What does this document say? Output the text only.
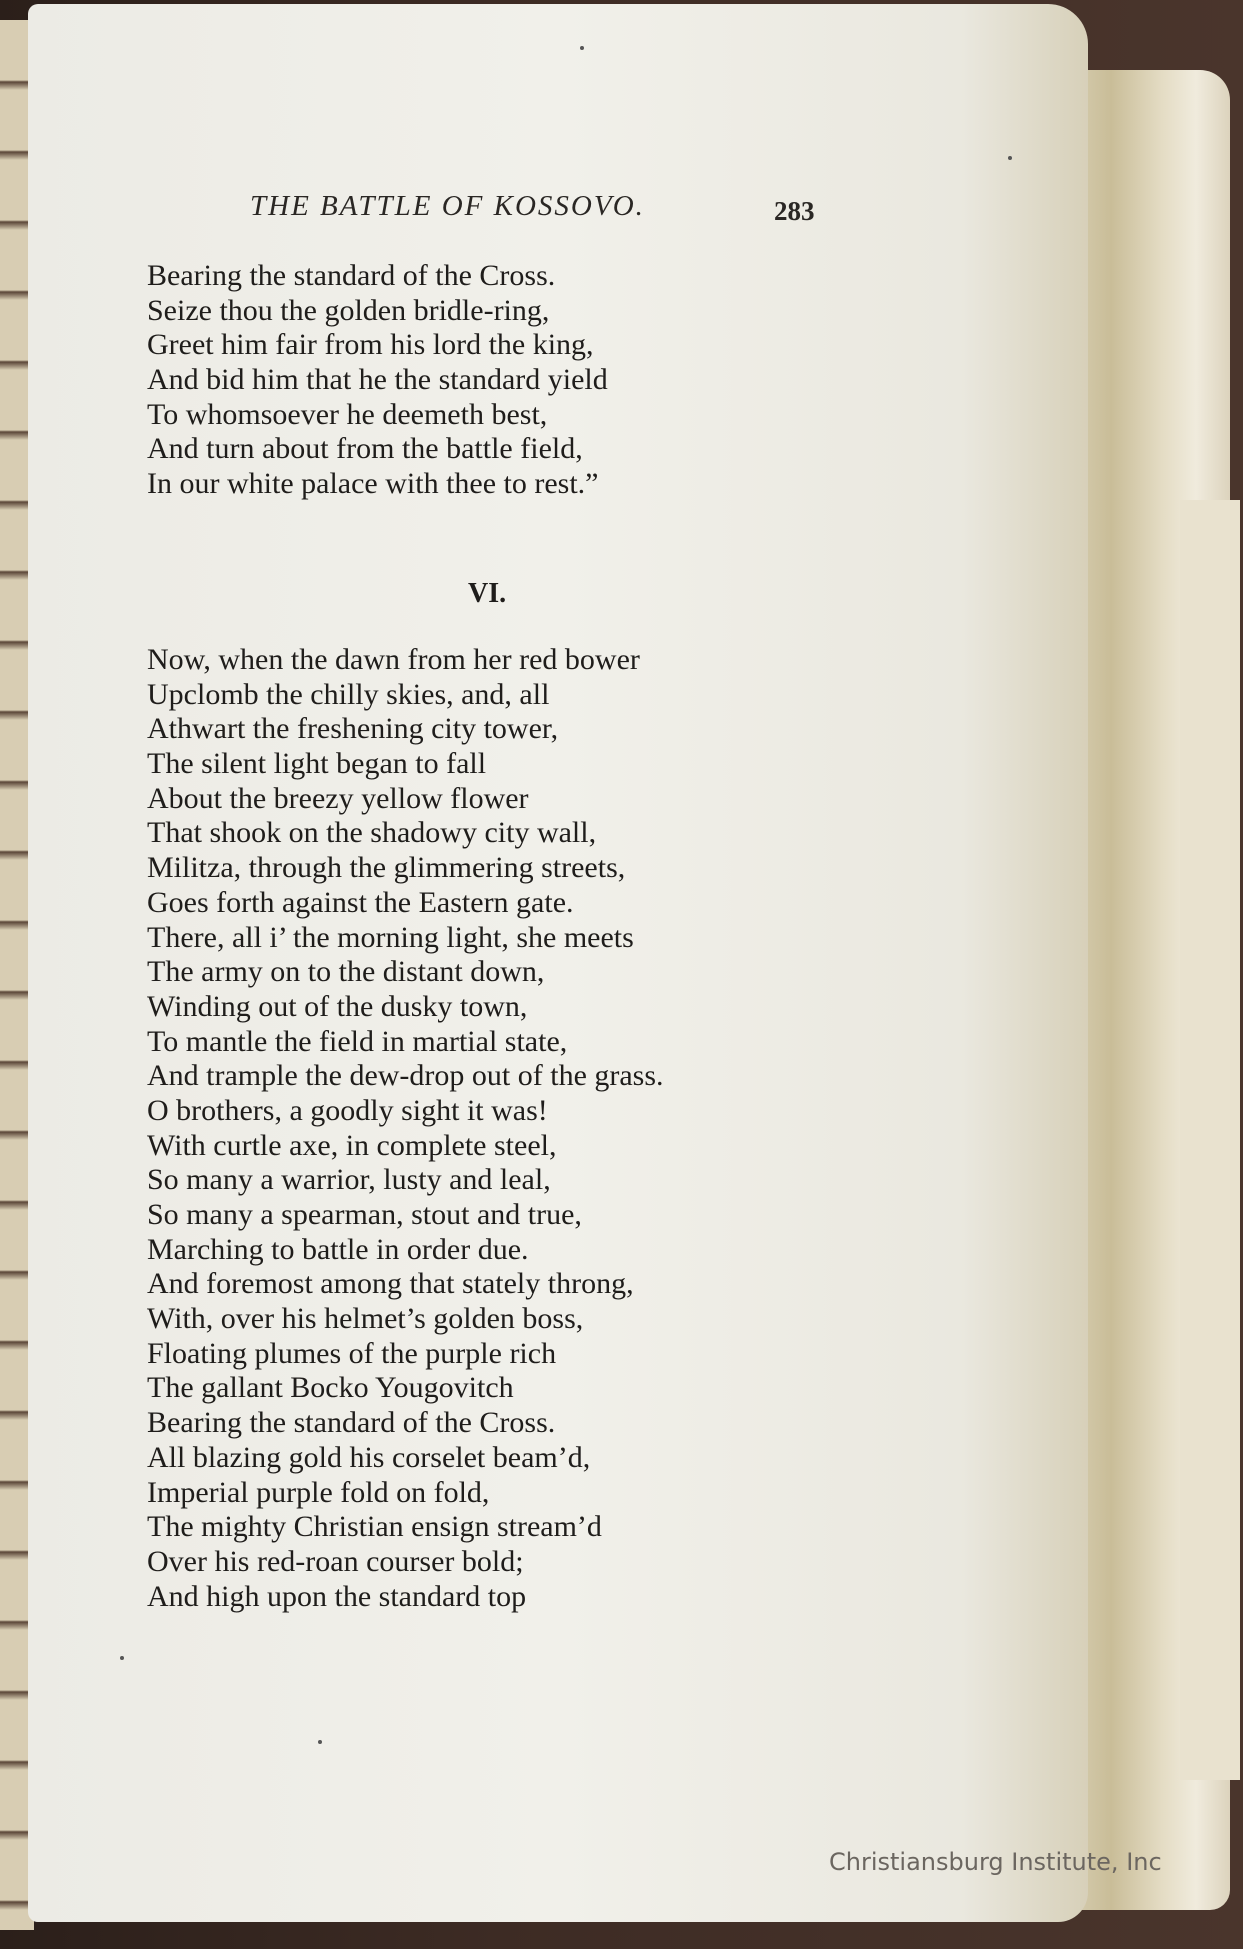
THE BATTLE OF KOSSOVO.	283
Bearing the standard of the Cross.
Seize thou the golden bridle-ring,
Greet him fair from his lord the king,
And bid him that he the standard yield
To whomsoever he deemeth best,
And turn about from the battle field,
In our white palace with thee to rest.”
VI.
Now, when the dawn from her red bower
Upclomb the chilly skies, and, all
Athwart the freshening city tower,
The silent light began to fall
About the breezy yellow flower
That shook on the shadowy city wall,
Militza, through the glimmering streets,
Goes forth against the Eastern gate.
There, all i’ the morning light, she meets
The army on to the distant down,
Winding out of the dusky town,
To mantle the field in martial state,
And trample the dew-drop out of the grass.
O brothers, a goodly sight it was!
With curtle axe, in complete steel,
So many a warrior, lusty and leal,
So many a spearman, stout and true,
Marching to battle in order due.
And foremost among that stately throng,
With, over his helmet’s golden boss,
Floating plumes of the purple rich
The gallant Bocko Yougovitch
Bearing the standard of the Cross.
All blazing gold his corselet beam’d,
Imperial purple fold on fold,
The mighty Christian ensign stream’d
Over his red-roan courser bold;
And high upon the standard top
Christiansburg Institute, Inc
